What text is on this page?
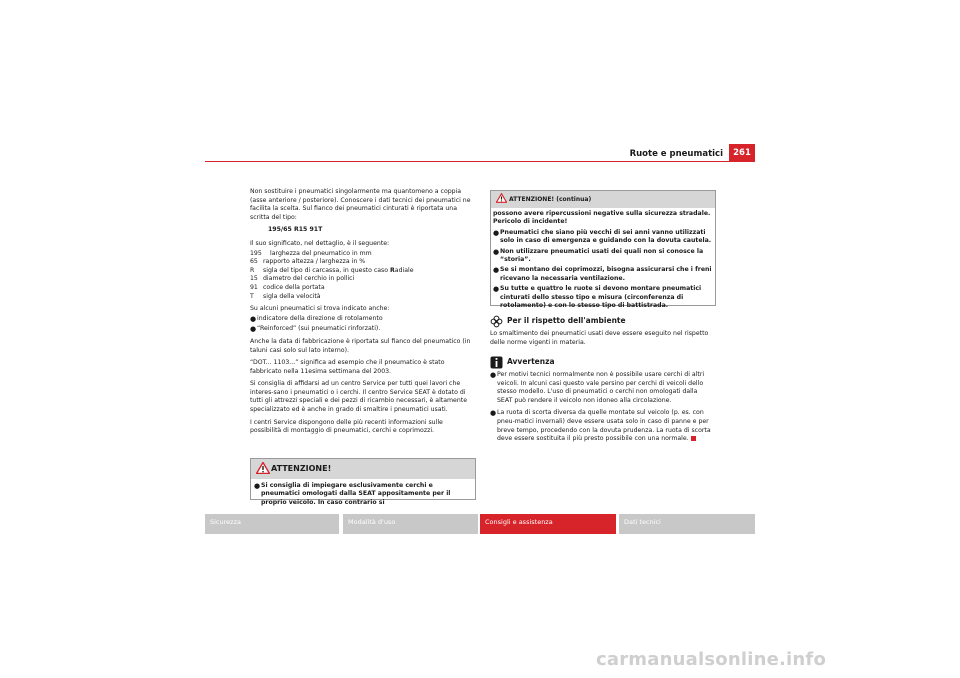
Ruote e pneumatici	261

Non sostituire i pneumatici singolarmente ma quantomeno a coppia (asse anteriore / posteriore). Conoscere i dati tecnici dei pneumatici ne facilita la scelta. Sul fianco dei pneumatici cinturati è riportata una scritta del tipo:

195/65 R15 91T

Il suo significato, nel dettaglio, è il seguente:

195	larghezza del pneumatico in mm
65 rapporto altezza / larghezza in %
R	sigla del tipo di carcassa, in questo caso Radiale
15 diametro del cerchio in pollici
91 codice della portata
T	sigla della velocità

Su alcuni pneumatici si trova indicato anche:

● indicatore della direzione di rotolamento
● “Reinforced” (sui pneumatici rinforzati).

Anche la data di fabbricazione è riportata sul fianco del pneumatico (in taluni casi solo sul lato interno).

“DOT... 1103...” significa ad esempio che il pneumatico è stato fabbricato nella 11esima settimana del 2003.

Si consiglia di affidarsi ad un centro Service per tutti quei lavori che interes-sano i pneumatici o i cerchi. Il centro Service SEAT è dotato di tutti gli attrezzi speciali e dei pezzi di ricambio necessari, è altamente specializzato ed è anche in grado di smaltire i pneumatici usati.

I centri Service dispongono delle più recenti informazioni sulle possibilità di montaggio di pneumatici, cerchi e coprimozzi.

ATTENZIONE!
● Si consiglia di impiegare esclusivamente cerchi e pneumatici omologati dalla SEAT appositamente per il proprio veicolo. In caso contrario si
ATTENZIONE! (continua)

possono avere ripercussioni negative sulla sicurezza stradale. Pericolo di incidente!

● Pneumatici che siano più vecchi di sei anni vanno utilizzati solo in caso di emergenza e guidando con la dovuta cautela.
● Non utilizzare pneumatici usati dei quali non si conosce la “storia”.
● Se si montano dei coprimozzi, bisogna assicurarsi che i freni ricevano la necessaria ventilazione.
● Su tutte e quattro le ruote si devono montare pneumatici cinturati dello stesso tipo e misura (circonferenza di rotolamento) e con lo stesso tipo di battistrada.
Per il rispetto dell'ambiente
Lo smaltimento dei pneumatici usati deve essere eseguito nel rispetto delle norme vigenti in materia.
Avvertenza
● Per motivi tecnici normalmente non è possibile usare cerchi di altri veicoli. In alcuni casi questo vale persino per cerchi di veicoli dello stesso modello. L'uso di pneumatici o cerchi non omologati dalla SEAT può rendere il veicolo non idoneo alla circolazione.
● La ruota di scorta diversa da quelle montate sul veicolo (p. es. con pneu-matici invernali) deve essere usata solo in caso di panne e per breve tempo, procedendo con la dovuta prudenza. La ruota di scorta deve essere sostituita il più presto possibile con una normale.
Sicurezza	Modalità d'uso	Consigli e assistenza	Dati tecnici
carmanualsonline.info
